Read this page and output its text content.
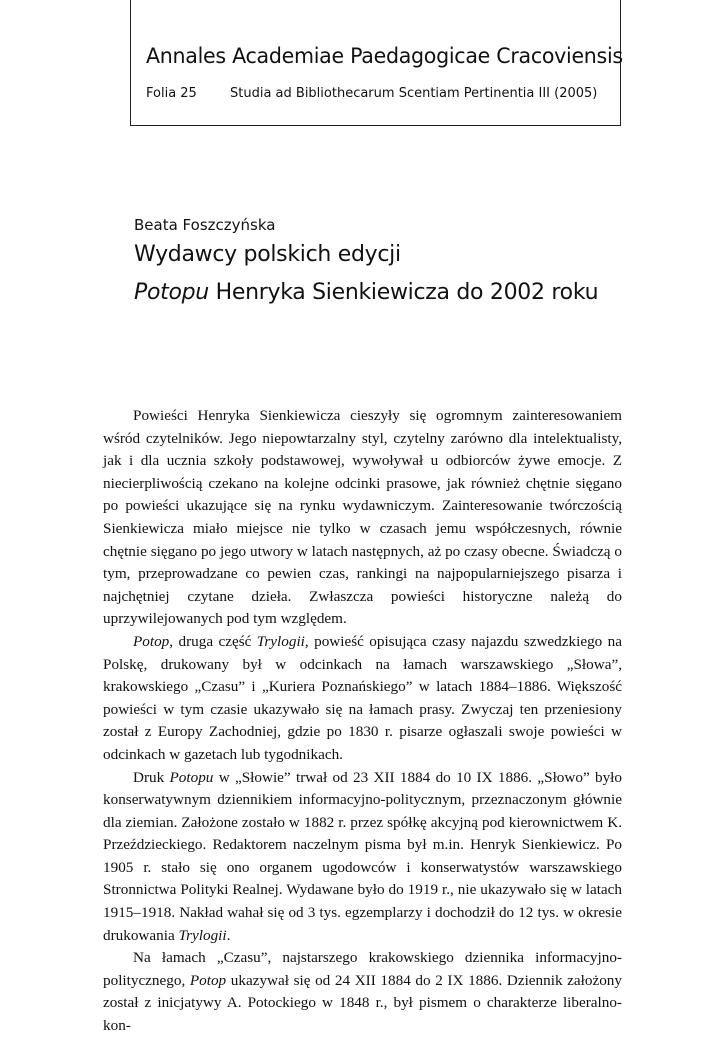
Annales Academiae Paedagogicae Cracoviensis
Folia 25	Studia ad Bibliothecarum Scentiam Pertinentia III (2005)
Beata Foszczyńska
Wydawcy polskich edycji
Potopu Henryka Sienkiewicza do 2002 roku

Powieści Henryka Sienkiewicza cieszyły się ogromnym zainteresowaniem wśród czytelników. Jego niepowtarzalny styl, czytelny zarówno dla intelektualisty, jak i dla ucznia szkoły podstawowej, wywoływał u odbiorców żywe emocje. Z niecierpliwością czekano na kolejne odcinki prasowe, jak również chętnie sięgano po powieści ukazujące się na rynku wydawniczym. Zainteresowanie twórczością Sienkiewicza miało miejsce nie tylko w czasach jemu współczesnych, równie chętnie sięgano po jego utwory w latach następnych, aż po czasy obecne. Świadczą o tym, przeprowadzane co pewien czas, rankingi na najpopularniejszego pisarza i najchętniej czytane dzieła. Zwłaszcza powieści historyczne należą do uprzywilejowanych pod tym względem.

Potop, druga część Trylogii, powieść opisująca czasy najazdu szwedzkiego na Polskę, drukowany był w odcinkach na łamach warszawskiego „Słowa”, krakowskiego „Czasu” i „Kuriera Poznańskiego” w latach 1884–1886. Większość powieści w tym czasie ukazywało się na łamach prasy. Zwyczaj ten przeniesiony został z Europy Zachodniej, gdzie po 1830 r. pisarze ogłaszali swoje powieści w odcinkach w gazetach lub tygodnikach.

Druk Potopu w „Słowie” trwał od 23 XII 1884 do 10 IX 1886. „Słowo” było konserwatywnym dziennikiem informacyjno-politycznym, przeznaczonym głównie dla ziemian. Założone zostało w 1882 r. przez spółkę akcyjną pod kierownictwem K. Przeździeckiego. Redaktorem naczelnym pisma był m.in. Henryk Sienkiewicz. Po 1905 r. stało się ono organem ugodowców i konserwatystów warszawskiego Stronnictwa Polityki Realnej. Wydawane było do 1919 r., nie ukazywało się w latach 1915–1918. Nakład wahał się od 3 tys. egzemplarzy i dochodził do 12 tys. w okresie drukowania Trylogii.

Na łamach „Czasu”, najstarszego krakowskiego dziennika informacyjno-politycznego, Potop ukazywał się od 24 XII 1884 do 2 IX 1886. Dziennik założony został z inicjatywy A. Potockiego w 1848 r., był pismem o charakterze liberalno-kon-
